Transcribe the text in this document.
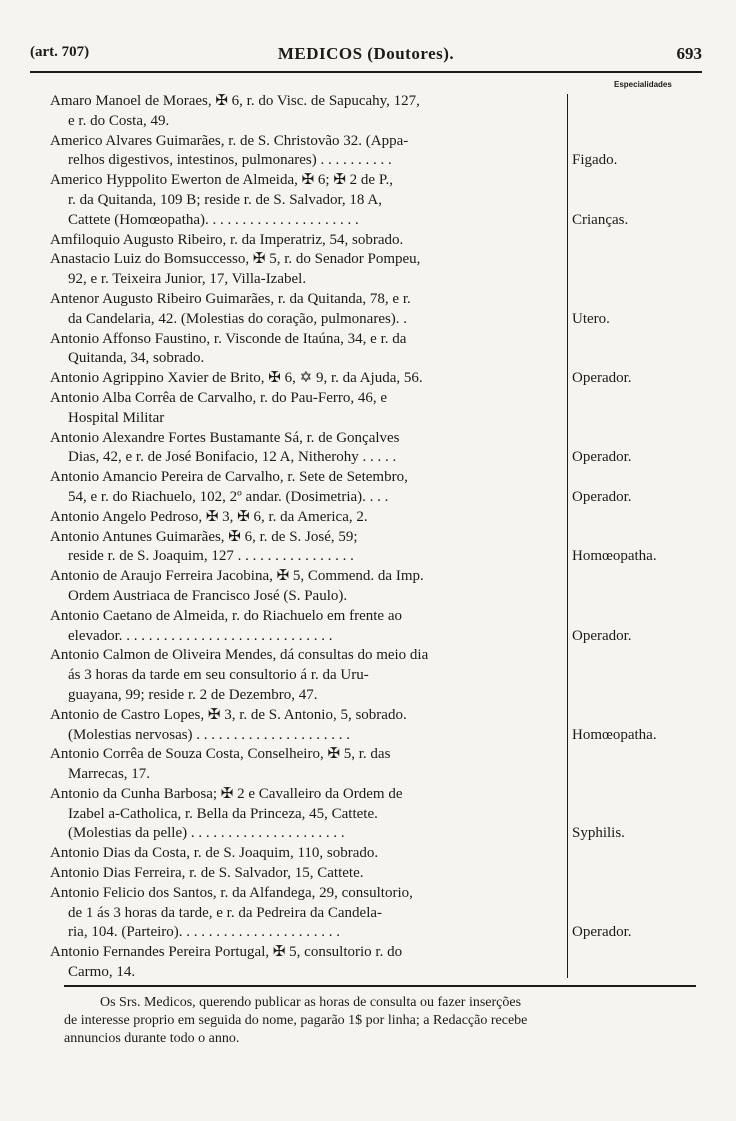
(art. 707)	MEDICOS (Doutores).	693
Especialidades
Amaro Manoel de Moraes, ✠ 6, r. do Visc. de Sapucahy, 127,
e r. do Costa, 49.
Americo Alvares Guimarães, r. de S. Christovão 32. (Appa-
relhos digestivos, intestinos, pulmonares) . . . . . . . . . .	Figado.
Americo Hyppolito Ewerton de Almeida, ✠ 6; ✠ 2 de P.,
r. da Quitanda, 109 B; reside r. de S. Salvador, 18 A,
Cattete (Homœopatha). . . . . . . . . . . . . . . . . . . . .	Crianças.
Amfiloquio Augusto Ribeiro, r. da Imperatriz, 54, sobrado.
Anastacio Luiz do Bomsuccesso, ✠ 5, r. do Senador Pompeu,
92, e r. Teixeira Junior, 17, Villa-Izabel.
Antenor Augusto Ribeiro Guimarães, r. da Quitanda, 78, e r.
da Candelaria, 42. (Molestias do coração, pulmonares). .	Utero.
Antonio Affonso Faustino, r. Visconde de Itaúna, 34, e r. da
Quitanda, 34, sobrado.
Antonio Agrippino Xavier de Brito, ✠ 6, ✡ 9, r. da Ajuda, 56.	Operador.
Antonio Alba Corrêa de Carvalho, r. do Pau-Ferro, 46, e
Hospital Militar
Antonio Alexandre Fortes Bustamante Sá, r. de Gonçalves
Dias, 42, e r. de José Bonifacio, 12 A, Nitherohy . . . . .	Operador.
Antonio Amancio Pereira de Carvalho, r. Sete de Setembro,
54, e r. do Riachuelo, 102, 2º andar. (Dosimetria). . . .	Operador.
Antonio Angelo Pedroso, ✠ 3, ✠ 6, r. da America, 2.
Antonio Antunes Guimarães, ✠ 6, r. de S. José, 59;
reside r. de S. Joaquim, 127 . . . . . . . . . . . . . . . .	Homœopatha.
Antonio de Araujo Ferreira Jacobina, ✠ 5, Commend. da Imp.
Ordem Austriaca de Francisco José (S. Paulo).
Antonio Caetano de Almeida, r. do Riachuelo em frente ao
elevador. . . . . . . . . . . . . . . . . . . . . . . . . . . . .	Operador.
Antonio Calmon de Oliveira Mendes, dá consultas do meio dia
ás 3 horas da tarde em seu consultorio á r. da Uru-
guayana, 99; reside r. 2 de Dezembro, 47.
Antonio de Castro Lopes, ✠ 3, r. de S. Antonio, 5, sobrado.
(Molestias nervosas) . . . . . . . . . . . . . . . . . . . . .	Homœopatha.
Antonio Corrêa de Souza Costa, Conselheiro, ✠ 5, r. das
Marrecas, 17.
Antonio da Cunha Barbosa; ✠ 2 e Cavalleiro da Ordem de
Izabel a-Catholica, r. Bella da Princeza, 45, Cattete.
(Molestias da pelle) . . . . . . . . . . . . . . . . . . . . .	Syphilis.
Antonio Dias da Costa, r. de S. Joaquim, 110, sobrado.
Antonio Dias Ferreira, r. de S. Salvador, 15, Cattete.
Antonio Felicio dos Santos, r. da Alfandega, 29, consultorio,
de 1 ás 3 horas da tarde, e r. da Pedreira da Candela-
ria, 104. (Parteiro). . . . . . . . . . . . . . . . . . . . . .	Operador.
Antonio Fernandes Pereira Portugal, ✠ 5, consultorio r. do
Carmo, 14.
Os Srs. Medicos, querendo publicar as horas de consulta ou fazer inserções
de interesse proprio em seguida do nome, pagarão 1$ por linha; a Redacção recebe
annuncios durante todo o anno.
